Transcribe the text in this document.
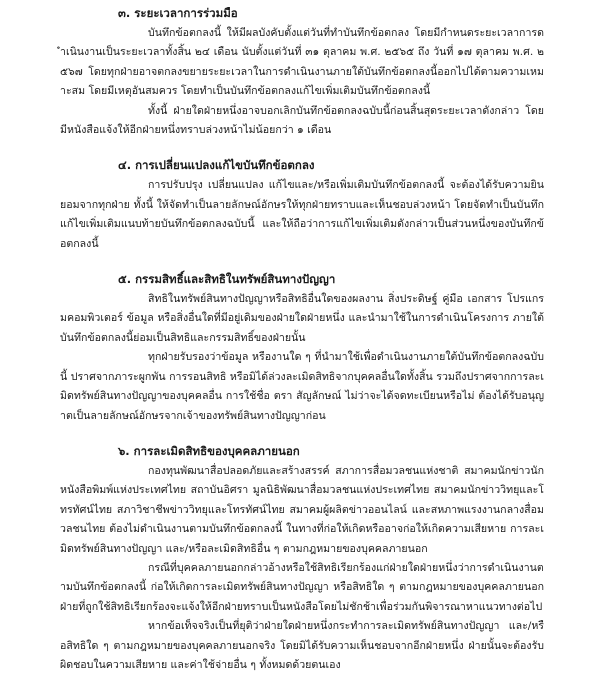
๓. ระยะเวลาการร่วมมือ

บันทึกข้อตกลงนี้ ให้มีผลบังคับตั้งแต่วันที่ทำบันทึกข้อตกลง โดยมีกำหนดระยะเวลาการดำเนินงานเป็นระยะเวลาทั้งสิ้น ๒๔ เดือน นับตั้งแต่วันที่ ๓๑ ตุลาคม พ.ศ. ๒๕๖๕ ถึง วันที่ ๑๗ ตุลาคม พ.ศ. ๒๕๖๗ โดยทุกฝ่ายอาจตกลงขยายระยะเวลาในการดำเนินงานภายใต้บันทึกข้อตกลงนี้ออกไปได้ตามความเหมาะสม โดยมีเหตุอันสมควร โดยทำเป็นบันทึกข้อตกลงแก้ไขเพิ่มเติมบันทึกข้อตกลงนี้

ทั้งนี้ ฝ่ายใดฝ่ายหนึ่งอาจบอกเลิกบันทึกข้อตกลงฉบับนี้ก่อนสิ้นสุดระยะเวลาดังกล่าว โดยมีหนังสือแจ้งให้อีกฝ่ายหนึ่งทราบล่วงหน้าไม่น้อยกว่า ๑ เดือน

๔. การเปลี่ยนแปลงแก้ไขบันทึกข้อตกลง

การปรับปรุง เปลี่ยนแปลง แก้ไขและ/หรือเพิ่มเติมบันทึกข้อตกลงนี้ จะต้องได้รับความยินยอมจากทุกฝ่าย ทั้งนี้ ให้จัดทำเป็นลายลักษณ์อักษรให้ทุกฝ่ายทราบและเห็นชอบล่วงหน้า โดยจัดทำเป็นบันทึกแก้ไขเพิ่มเติมแนบท้ายบันทึกข้อตกลงฉบับนี้ และให้ถือว่าการแก้ไขเพิ่มเติมดังกล่าวเป็นส่วนหนึ่งของบันทึกข้อตกลงนี้

๕. กรรมสิทธิ์และสิทธิในทรัพย์สินทางปัญญา

สิทธิในทรัพย์สินทางปัญญาหรือสิทธิอื่นใดของผลงาน สิ่งประดิษฐ์ คู่มือ เอกสาร โปรแกรมคอมพิวเตอร์ ข้อมูล หรือสิ่งอื่นใดที่มีอยู่เดิมของฝ่ายใดฝ่ายหนึ่ง และนำมาใช้ในการดำเนินโครงการ ภายใต้บันทึกข้อตกลงนี้ย่อมเป็นสิทธิและกรรมสิทธิ์ของฝ่ายนั้น

ทุกฝ่ายรับรองว่าข้อมูล หรืองานใด ๆ ที่นำมาใช้เพื่อดำเนินงานภายใต้บันทึกข้อตกลงฉบับนี้ ปราศจากภาระผูกพัน การรอนสิทธิ หรือมิได้ล่วงละเมิดสิทธิจากบุคคลอื่นใดทั้งสิ้น รวมถึงปราศจากการละเมิดทรัพย์สินทางปัญญาของบุคคลอื่น การใช้ชื่อ ตรา สัญลักษณ์ ไม่ว่าจะได้จดทะเบียนหรือไม่ ต้องได้รับอนุญาตเป็นลายลักษณ์อักษรจากเจ้าของทรัพย์สินทางปัญญาก่อน

๖. การละเมิดสิทธิของบุคคลภายนอก

กองทุนพัฒนาสื่อปลอดภัยและสร้างสรรค์ สภาการสื่อมวลชนแห่งชาติ สมาคมนักข่าวนักหนังสือพิมพ์แห่งประเทศไทย สถาบันอิศรา มูลนิธิพัฒนาสื่อมวลชนแห่งประเทศไทย สมาคมนักข่าววิทยุและโทรทัศน์ไทย สภาวิชาชีพข่าววิทยุและโทรทัศน์ไทย สมาคมผู้ผลิตข่าวออนไลน์ และสหภาพแรงงานกลางสื่อมวลชนไทย ต้องไม่ดำเนินงานตามบันทึกข้อตกลงนี้ ในทางที่ก่อให้เกิดหรืออาจก่อให้เกิดความเสียหาย การละเมิดทรัพย์สินทางปัญญา และ/หรือละเมิดสิทธิอื่น ๆ ตามกฎหมายของบุคคลภายนอก

กรณีที่บุคคลภายนอกกล่าวอ้างหรือใช้สิทธิเรียกร้องแก่ฝ่ายใดฝ่ายหนึ่งว่าการดำเนินงานตามบันทึกข้อตกลงนี้ ก่อให้เกิดการละเมิดทรัพย์สินทางปัญญา หรือสิทธิใด ๆ ตามกฎหมายของบุคคลภายนอก ฝ่ายที่ถูกใช้สิทธิเรียกร้องจะแจ้งให้อีกฝ่ายทราบเป็นหนังสือโดยไม่ชักช้าเพื่อร่วมกันพิจารณาหาแนวทางต่อไป

หากข้อเท็จจริงเป็นที่ยุติว่าฝ่ายใดฝ่ายหนึ่งกระทำการละเมิดทรัพย์สินทางปัญญา และ/หรือสิทธิใด ๆ ตามกฎหมายของบุคคลภายนอกจริง โดยมิได้รับความเห็นชอบจากอีกฝ่ายหนึ่ง ฝ่ายนั้นจะต้องรับผิดชอบในความเสียหาย และค่าใช้จ่ายอื่น ๆ ทั้งหมดด้วยตนเอง
